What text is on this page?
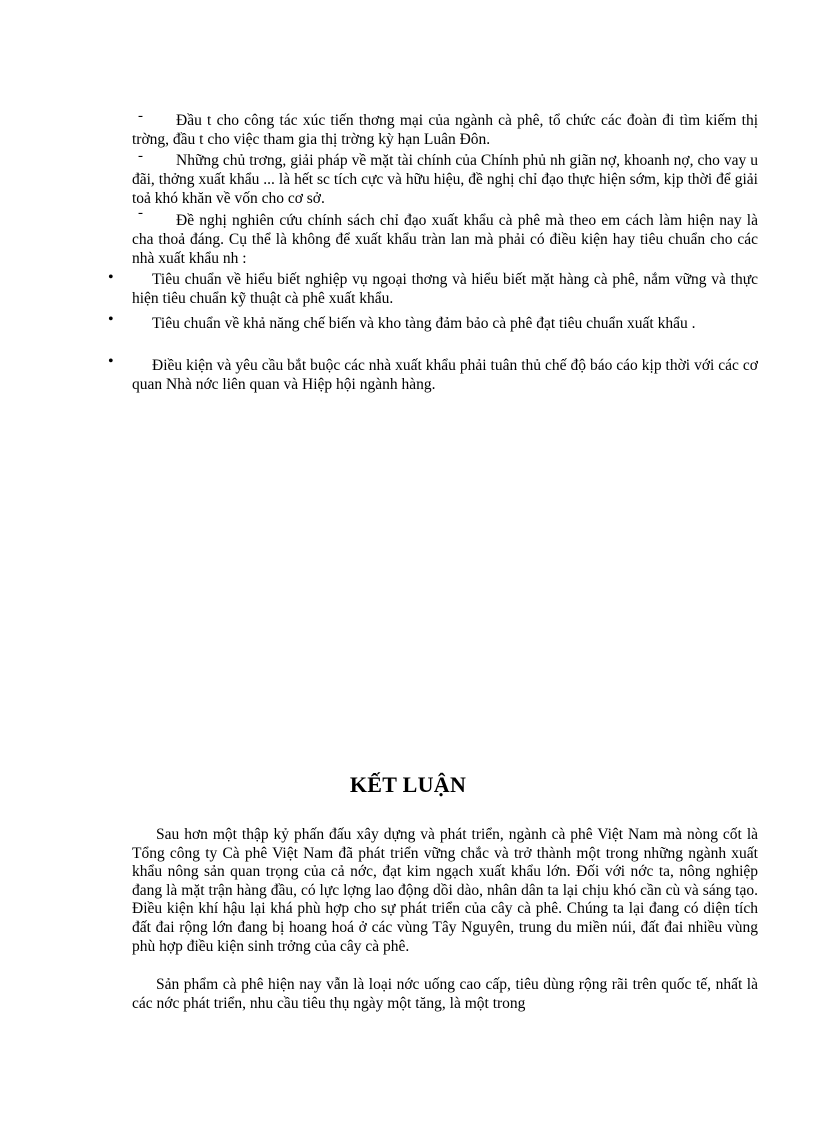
-	Đầu t cho công tác xúc tiến thơng mại của ngành cà phê, tổ chức các đoàn đi tìm kiếm thị trờng, đầu t cho việc tham gia thị trờng kỳ hạn Luân Đôn.
-	Những chủ trơng, giải pháp về mặt tài chính của Chính phủ nh giãn nợ, khoanh nợ, cho vay u đãi, thởng xuất khẩu ... là hết sc tích cực và hữu hiệu, đề nghị chỉ đạo thực hiện sớm, kịp thời để giải toả khó khăn về vốn cho cơ sở.
-	Đề nghị nghiên cứu chính sách chỉ đạo xuất khẩu cà phê mà theo em cách làm hiện nay là cha thoả đáng. Cụ thể là không để xuất khẩu tràn lan mà phải có điều kiện hay tiêu chuẩn cho các nhà xuất khẩu nh :
•	Tiêu chuẩn về hiểu biết nghiệp vụ ngoại thơng và hiểu biết mặt hàng cà phê, nắm vững và thực hiện tiêu chuẩn kỹ thuật cà phê xuất khẩu.
•	Tiêu chuẩn về khả năng chế biến và kho tàng đảm bảo cà phê đạt tiêu chuẩn xuất khẩu .
•	Điều kiện và yêu cầu bắt buộc các nhà xuất khẩu phải tuân thủ chế độ báo cáo kịp thời với các cơ quan Nhà nớc liên quan và Hiệp hội ngành hàng.
KẾT LUẬN
Sau hơn một thập kỷ phấn đấu xây dựng và phát triển, ngành cà phê Việt Nam mà nòng cốt là Tổng công ty Cà phê Việt Nam đã phát triển vững chắc và trở thành một trong những ngành xuất khẩu nông sản quan trọng của cả nớc, đạt kim ngạch xuất khẩu lớn. Đối với nớc ta, nông nghiệp đang là mặt trận hàng đầu, có lực lợng lao động dồi dào, nhân dân ta lại chịu khó cần cù và sáng tạo. Điều kiện khí hậu lại khá phù hợp cho sự phát triển của cây cà phê. Chúng ta lại đang có diện tích đất đai rộng lớn đang bị hoang hoá ở các vùng Tây Nguyên, trung du miền núi, đất đai nhiều vùng phù hợp điều kiện sinh trởng của cây cà phê.
Sản phẩm cà phê hiện nay vẫn là loại nớc uống cao cấp, tiêu dùng rộng rãi trên quốc tế, nhất là các nớc phát triển, nhu cầu tiêu thụ ngày một tăng, là một trong
